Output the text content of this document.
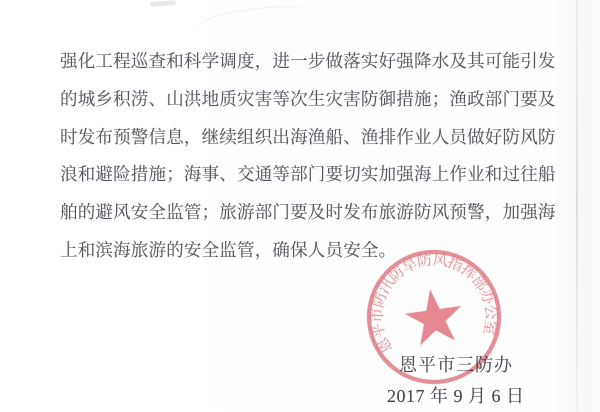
强化工程巡查和科学调度，进一步做落实好强降水及其可能引发
的城乡积涝、山洪地质灾害等次生灾害防御措施；渔政部门要及
时发布预警信息，继续组织出海渔船、渔排作业人员做好防风防
浪和避险措施；海事、交通等部门要切实加强海上作业和过往船
舶的避风安全监管；旅游部门要及时发布旅游防风预警，加强海
上和滨海旅游的安全监管，确保人员安全。
恩平市三防办
2017 年 9 月 6 日
恩平市防汛防旱防风指挥部办公室
